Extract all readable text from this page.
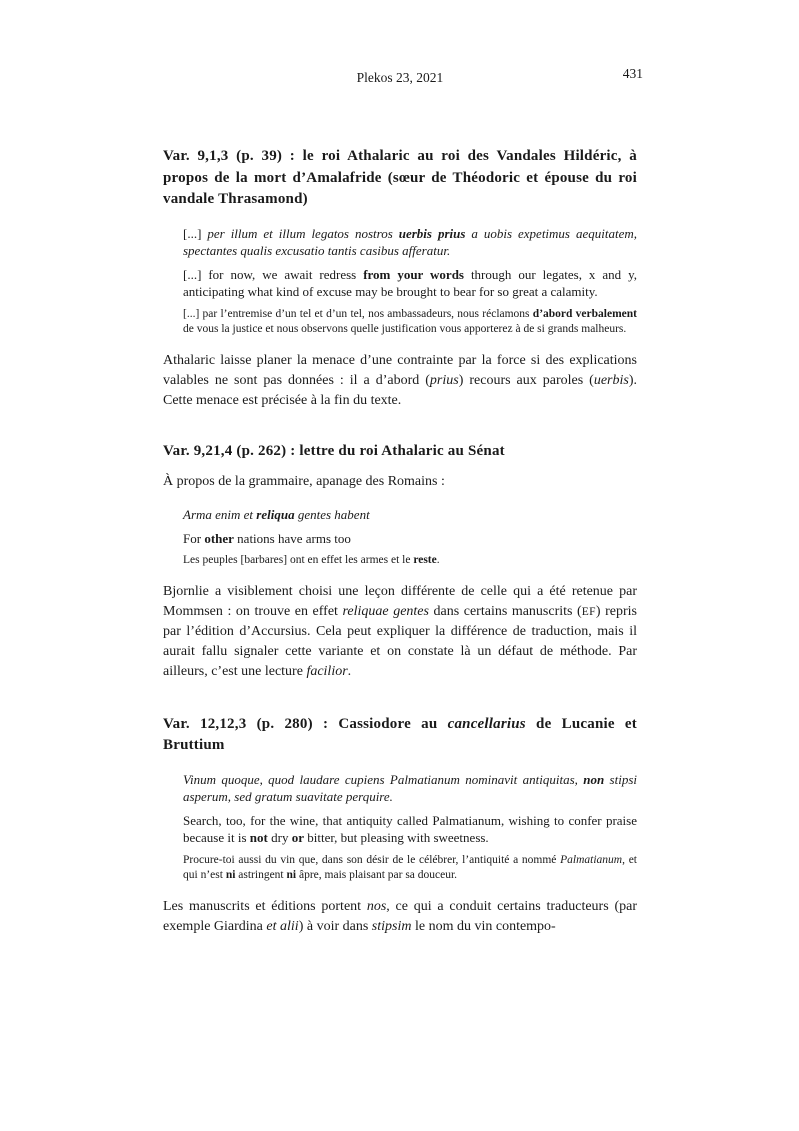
Plekos 23, 2021	431
Var. 9,1,3 (p. 39) : le roi Athalaric au roi des Vandales Hildéric, à propos de la mort d’Amalafride (sœur de Théodoric et épouse du roi vandale Thrasamond)
[...] per illum et illum legatos nostros uerbis prius a uobis expetimus aequitatem, spectantes qualis excusatio tantis casibus afferatur.
[...] for now, we await redress from your words through our legates, x and y, anticipating what kind of excuse may be brought to bear for so great a calamity.
[...] par l’entremise d’un tel et d’un tel, nos ambassadeurs, nous réclamons d’abord verbalement de vous la justice et nous observons quelle justification vous apporterez à de si grands malheurs.
Athalaric laisse planer la menace d’une contrainte par la force si des explications valables ne sont pas données : il a d’abord (prius) recours aux paroles (uerbis). Cette menace est précisée à la fin du texte.
Var. 9,21,4 (p. 262) : lettre du roi Athalaric au Sénat
À propos de la grammaire, apanage des Romains :
Arma enim et reliqua gentes habent
For other nations have arms too
Les peuples [barbares] ont en effet les armes et le reste.
Bjornlie a visiblement choisi une leçon différente de celle qui a été retenue par Mommsen : on trouve en effet reliquae gentes dans certains manuscrits (EF) repris par l’édition d’Accursius. Cela peut expliquer la différence de traduction, mais il aurait fallu signaler cette variante et on constate là un défaut de méthode. Par ailleurs, c’est une lecture facilior.
Var. 12,12,3 (p. 280) : Cassiodore au cancellarius de Lucanie et Bruttium
Vinum quoque, quod laudare cupiens Palmatianum nominavit antiquitas, non stipsi asperum, sed gratum suavitate perquire.
Search, too, for the wine, that antiquity called Palmatianum, wishing to confer praise because it is not dry or bitter, but pleasing with sweetness.
Procure-toi aussi du vin que, dans son désir de le célébrer, l’antiquité a nommé Palmatianum, et qui n’est ni astringent ni âpre, mais plaisant par sa douceur.
Les manuscrits et éditions portent nos, ce qui a conduit certains traducteurs (par exemple Giardina et alii) à voir dans stipsim le nom du vin contempo-
